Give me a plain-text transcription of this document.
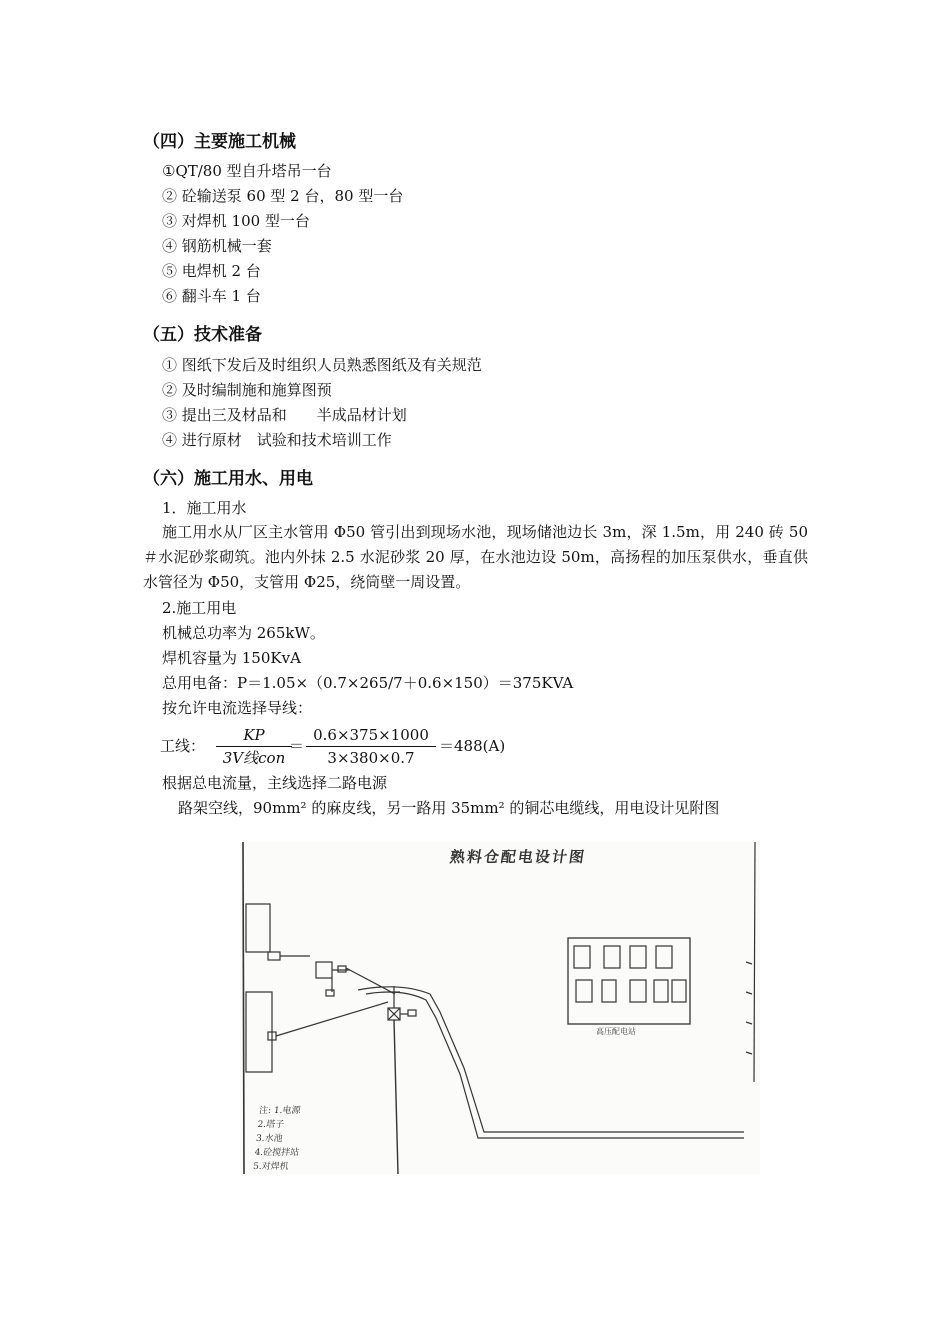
（四）主要施工机械
①QT/80 型自升塔吊一台
② 砼输送泵 60 型 2 台，80 型一台
③ 对焊机 100 型一台
④ 钢筋机械一套
⑤ 电焊机 2 台
⑥ 翻斗车 1 台
（五）技术准备
① 图纸下发后及时组织人员熟悉图纸及有关规范
② 及时编制施和施算图预
③ 提出三及材品和　　半成品材计划
④ 进行原材　试验和技术培训工作
（六）施工用水、用电
1．施工用水
施工用水从厂区主水管用 Φ50 管引出到现场水池，现场储池边长 3m，深 1.5m，用 240 砖 50＃水泥砂浆砌筑。池内外抹 2.5 水泥砂浆 20 厚，在水池边设 50m，高扬程的加压泵供水，垂直供水管径为 Φ50，支管用 Φ25，绕筒壁一周设置。
2.施工用电
机械总功率为 265kW。
焊机容量为 150KvA
总用电备：P＝1.05×（0.7×265/7＋0.6×150）＝375KVA
按允许电流选择导线：
工线：
KP
3V线con
＝ $\frac{0.6\times 375\times 1000}{3\times 380\times 0.7} =488(A)$
根据总电流量，主线选择二路电源
路架空线，90mm² 的麻皮线，另一路用 35mm² 的铜芯电缆线，用电设计见附图
熟料仓配电设计图
高压配电站
注: 1.电源
2.塔子
3.水池
4.砼搅拌站
5.对焊机
